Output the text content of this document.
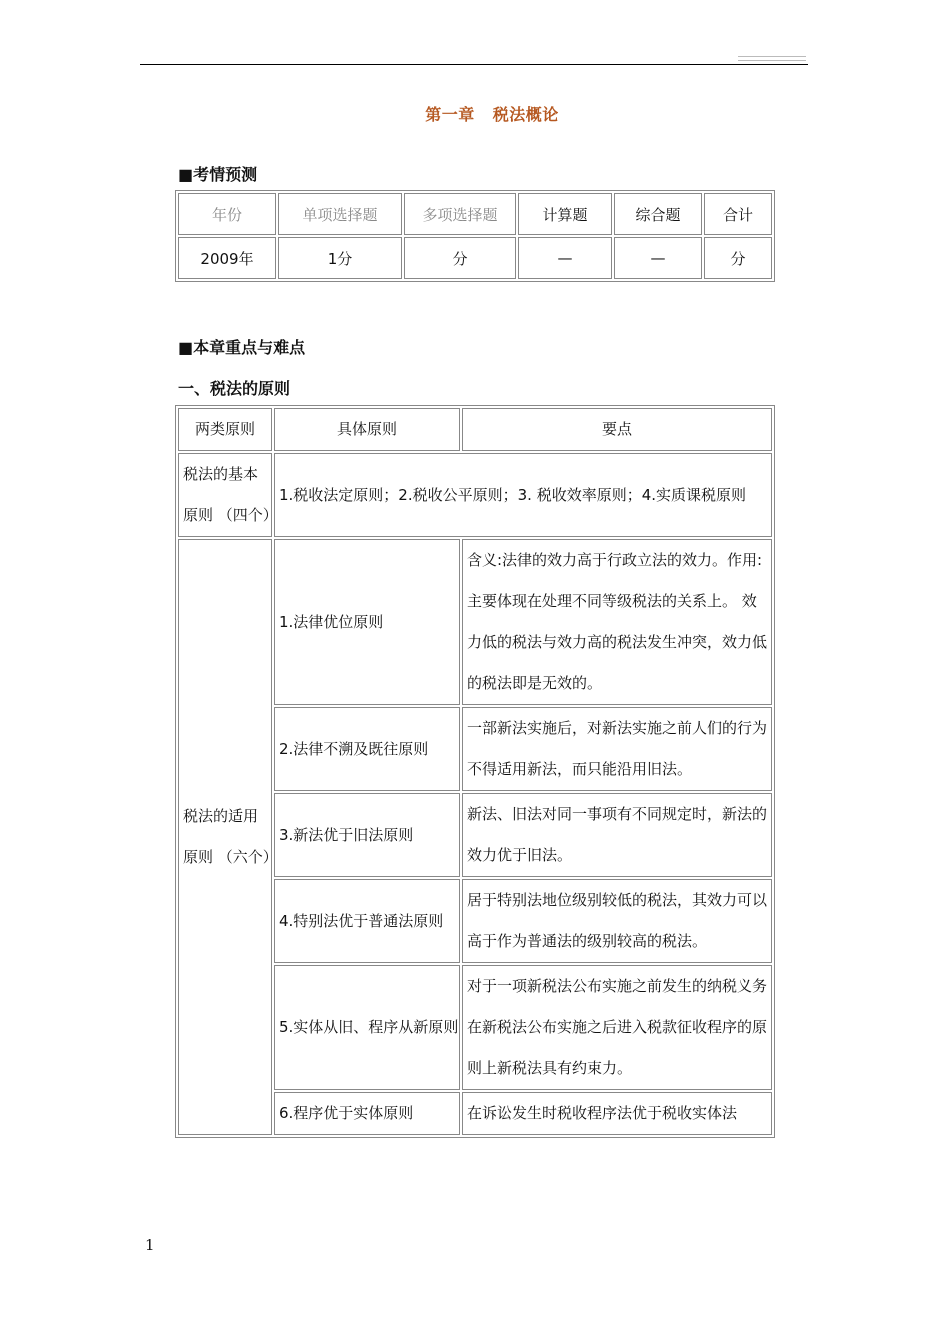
第一章 税法概论
■考情预测
年份	单项选择题	多项选择题	计算题	综合题	合计
2009年	1分	分	—	—	分
■本章重点与难点
一、税法的原则
两类原则	具体原则	要点
税法的基本原则 （四个）	1.税收法定原则；2.税收公平原则；3. 税收效率原则；4.实质课税原则	
税法的适用原则 （六个）	1.法律优位原则	含义:法律的效力高于行政立法的效力。作用:主要体现在处理不同等级税法的关系上。 效力低的税法与效力高的税法发生冲突，效力低的税法即是无效的。
	2.法律不溯及既往原则	一部新法实施后，对新法实施之前人们的行为不得适用新法，而只能沿用旧法。
	3.新法优于旧法原则	新法、旧法对同一事项有不同规定时，新法的效力优于旧法。
	4.特别法优于普通法原则	居于特别法地位级别较低的税法，其效力可以高于作为普通法的级别较高的税法。
	5.实体从旧、程序从新原则	对于一项新税法公布实施之前发生的纳税义务在新税法公布实施之后进入税款征收程序的原则上新税法具有约束力。
	6.程序优于实体原则	在诉讼发生时税收程序法优于税收实体法
1
